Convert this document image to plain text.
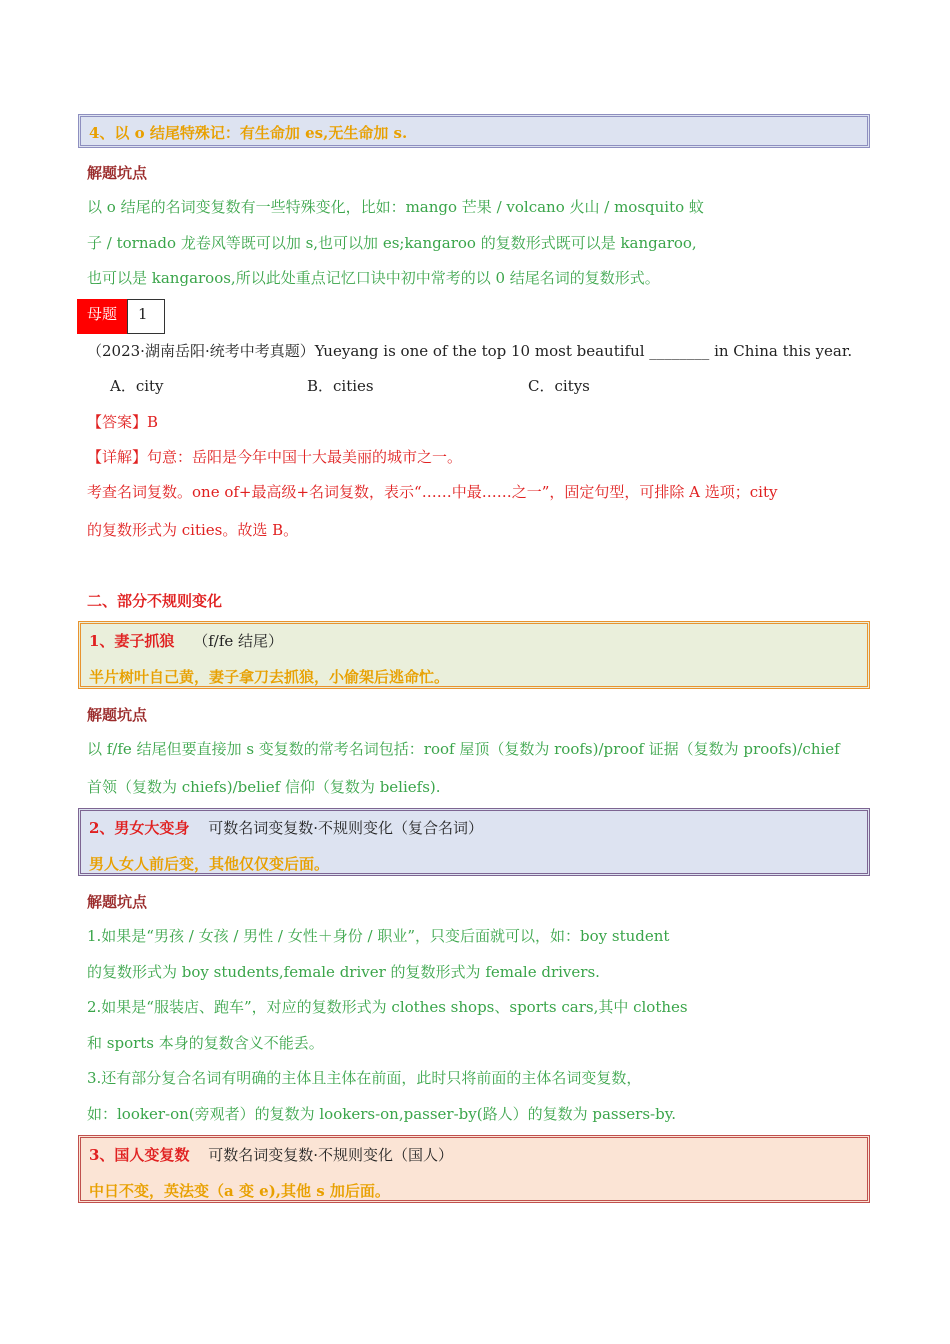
4、以 o 结尾特殊记：有生命加 es,无生命加 s.
解题坑点
以 o 结尾的名词变复数有一些特殊变化，比如：mango 芒果 / volcano 火山 / mosquito 蚊
子 / tornado 龙卷风等既可以加 s,也可以加 es;kangaroo 的复数形式既可以是 kangaroo,
也可以是 kangaroos,所以此处重点记忆口诀中初中常考的以 0 结尾名词的复数形式。
母题	1
（2023·湖南岳阳·统考中考真题）Yueyang is one of the top 10 most beautiful ________ in China this year.
A．city	B．cities	C．citys
【答案】B
【详解】句意：岳阳是今年中国十大最美丽的城市之一。
考查名词复数。one of+最高级+名词复数，表示“……中最……之一”，固定句型，可排除 A 选项；city
的复数形式为 cities。故选 B。
二、部分不规则变化
1、妻子抓狼 （f/fe 结尾）
半片树叶自己黄，妻子拿刀去抓狼，小偷架后逃命忙。
解题坑点
以 f/fe 结尾但要直接加 s 变复数的常考名词包括：roof 屋顶（复数为 roofs)/proof 证据（复数为 proofs)/chief
首领（复数为 chiefs)/belief 信仰（复数为 beliefs).
2、男女大变身 可数名词变复数·不规则变化（复合名词）
男人女人前后变，其他仅仅变后面。
解题坑点
1.如果是“男孩 / 女孩 / 男性 / 女性＋身份 / 职业”，只变后面就可以，如：boy student
的复数形式为 boy students,female driver 的复数形式为 female drivers.
2.如果是“服装店、跑车”，对应的复数形式为 clothes shops、sports cars,其中 clothes
和 sports 本身的复数含义不能丢。
3.还有部分复合名词有明确的主体且主体在前面，此时只将前面的主体名词变复数，
如：looker-on(旁观者）的复数为 lookers-on,passer-by(路人）的复数为 passers-by.
3、国人变复数 可数名词变复数·不规则变化（国人）
中日不变，英法变（a 变 e),其他 s 加后面。
